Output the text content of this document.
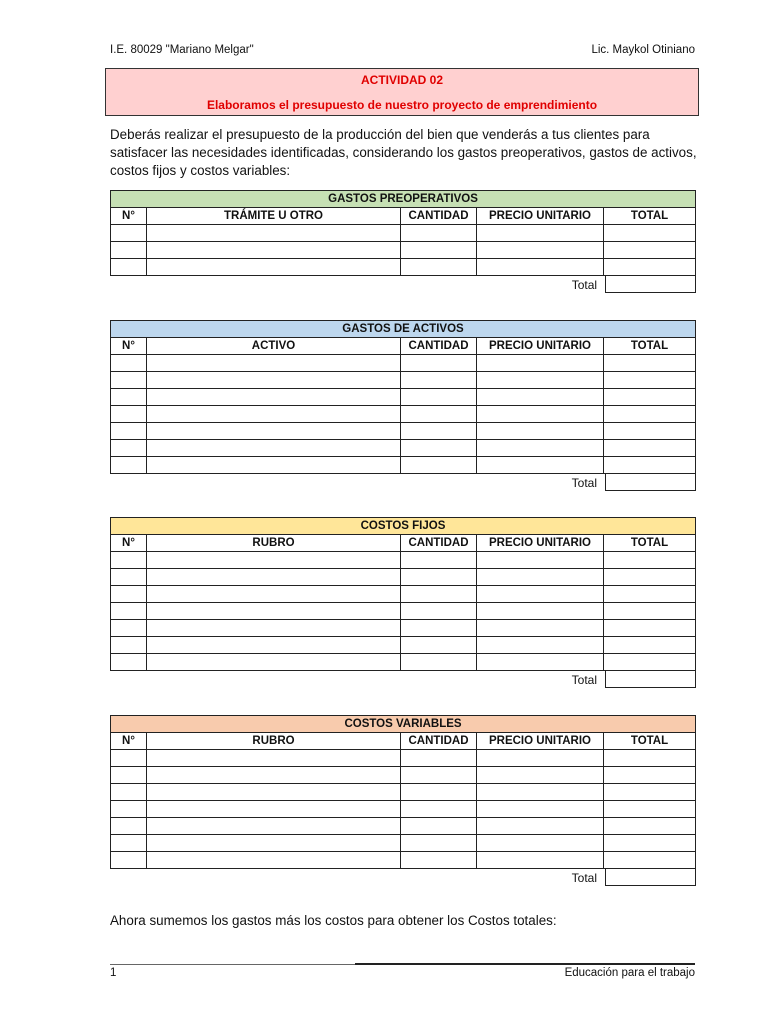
I.E. 80029 "Mariano Melgar"	Lic. Maykol Otiniano
ACTIVIDAD 02
Elaboramos el presupuesto de nuestro proyecto de emprendimiento

Deberás realizar el presupuesto de la producción del bien que venderás a tus clientes para satisfacer las necesidades identificadas, considerando los gastos preoperativos, gastos de activos, costos fijos y costos variables:

GASTOS PREOPERATIVOS				
N°	TRÁMITE U OTRO	CANTIDAD	PRECIO UNITARIO	TOTAL

Total
GASTOS DE ACTIVOS				
N°	ACTIVO	CANTIDAD	PRECIO UNITARIO	TOTAL

Total
COSTOS FIJOS				
N°	RUBRO	CANTIDAD	PRECIO UNITARIO	TOTAL

Total
COSTOS VARIABLES				
N°	RUBRO	CANTIDAD	PRECIO UNITARIO	TOTAL

Total
Ahora sumemos los gastos más los costos para obtener los Costos totales:
1	Educación para el trabajo
